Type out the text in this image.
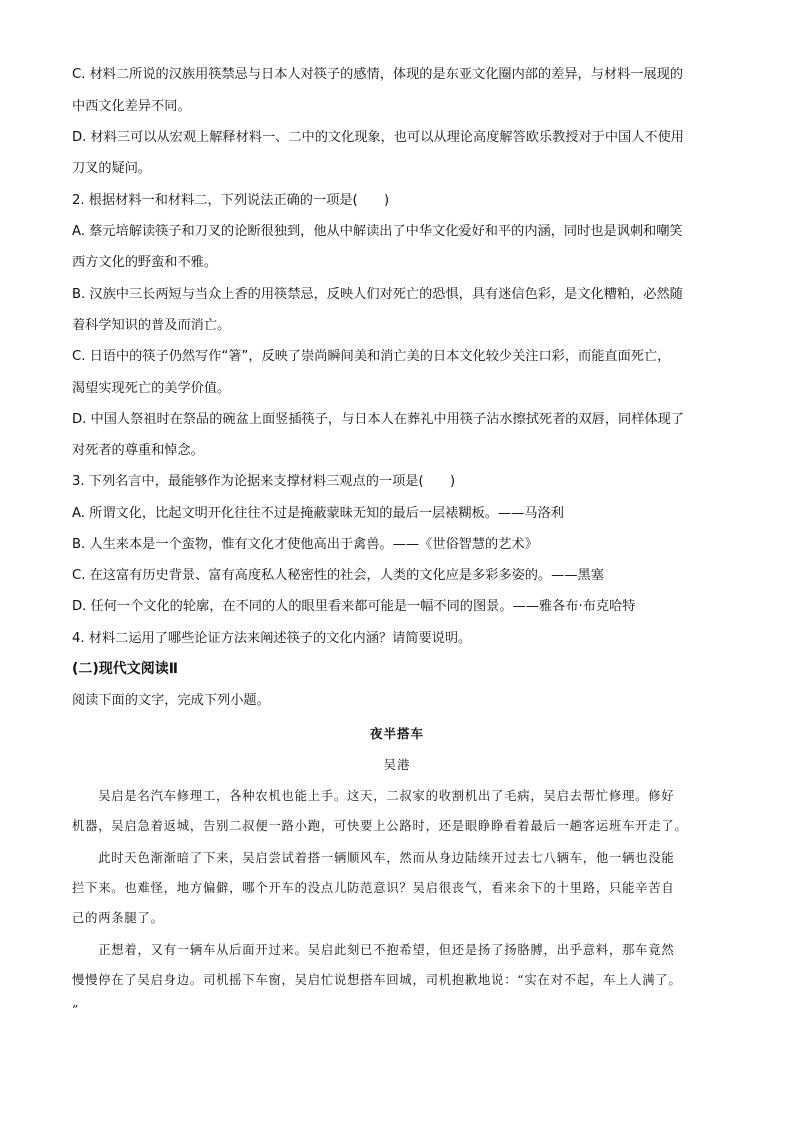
C. 材料二所说的汉族用筷禁忌与日本人对筷子的感情，体现的是东亚文化圈内部的差异，与材料一展现的
中西文化差异不同。
D. 材料三可以从宏观上解释材料一、二中的文化现象，也可以从理论高度解答欧乐教授对于中国人不使用
刀叉的疑问。
2. 根据材料一和材料二，下列说法正确的一项是(　　)
A. 蔡元培解读筷子和刀叉的论断很独到，他从中解读出了中华文化爱好和平的内涵，同时也是讽刺和嘲笑
西方文化的野蛮和不雅。
B. 汉族中三长两短与当众上香的用筷禁忌，反映人们对死亡的恐惧，具有迷信色彩，是文化糟粕，必然随
着科学知识的普及而消亡。
C. 日语中的筷子仍然写作“箸”，反映了崇尚瞬间美和消亡美的日本文化较少关注口彩，而能直面死亡，
渴望实现死亡的美学价值。
D. 中国人祭祖时在祭品的碗盆上面竖插筷子，与日本人在葬礼中用筷子沾水擦拭死者的双唇，同样体现了
对死者的尊重和悼念。
3. 下列名言中，最能够作为论据来支撑材料三观点的一项是(　　)
A. 所谓文化，比起文明开化往往不过是掩蔽蒙昧无知的最后一层裱糊板。——马洛利
B. 人生来本是一个蛮物，惟有文化才使他高出于禽兽。——《世俗智慧的艺术》
C. 在这富有历史背景、富有高度私人秘密性的社会，人类的文化应是多彩多姿的。——黑塞
D. 任何一个文化的轮廓，在不同的人的眼里看来都可能是一幅不同的图景。——雅各布·布克哈特
4. 材料二运用了哪些论证方法来阐述筷子的文化内涵？请简要说明。
(二)现代文阅读Ⅱ
阅读下面的文字，完成下列小题。
夜半搭车
吴港
　　吴启是名汽车修理工，各种农机也能上手。这天，二叔家的收割机出了毛病，吴启去帮忙修理。修好
机器，吴启急着返城，告别二叔便一路小跑，可快要上公路时，还是眼睁睁看着最后一趟客运班车开走了。
　　此时天色渐渐暗了下来，吴启尝试着搭一辆顺风车，然而从身边陆续开过去七八辆车，他一辆也没能
拦下来。也难怪，地方偏僻，哪个开车的没点儿防范意识？吴启很丧气，看来余下的十里路，只能辛苦自
己的两条腿了。
　　正想着，又有一辆车从后面开过来。吴启此刻已不抱希望，但还是扬了扬胳膊，出乎意料，那车竟然
慢慢停在了吴启身边。司机摇下车窗，吴启忙说想搭车回城，司机抱歉地说：“实在对不起，车上人满了。
”
